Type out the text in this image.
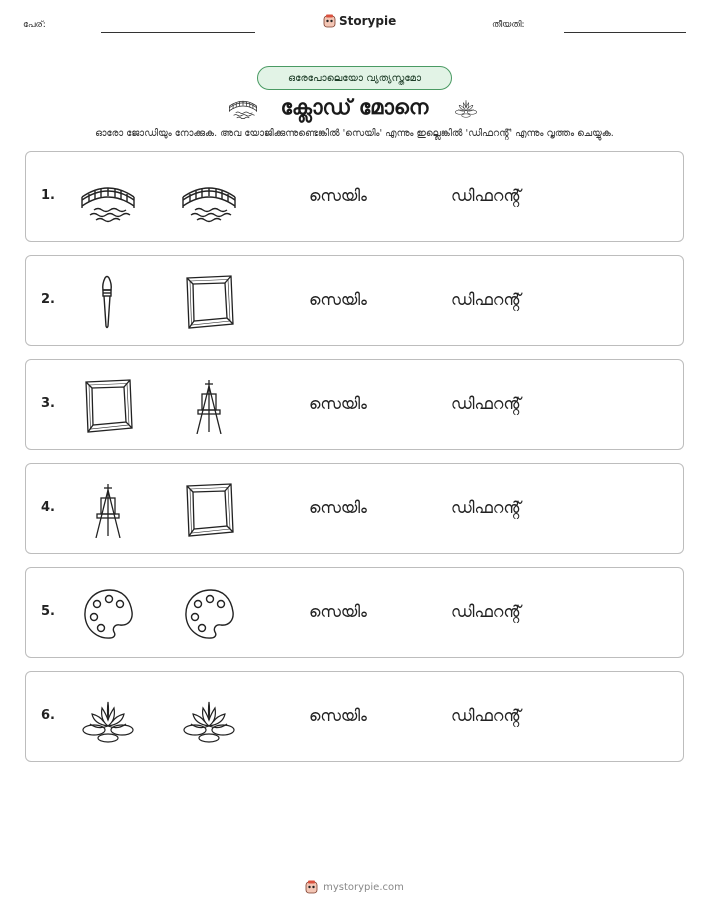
പേര്:	Storypie	തീയതി:
ഒരേപോലെയോ വ്യത്യസ്തമോ
ക്ലോഡ് മോനെ
ഓരോ ജോഡിയും നോക്കുക. അവ യോജിക്കുന്നുണ്ടെങ്കിൽ 'സെയിം' എന്നും ഇല്ലെങ്കിൽ 'ഡിഫറൻ്റ്' എന്നും വൃത്തം ചെയ്യുക.
1.	സെയിം	ഡിഫറൻ്റ്
2.	സെയിം	ഡിഫറൻ്റ്
3.	സെയിം	ഡിഫറൻ്റ്
4.	സെയിം	ഡിഫറൻ്റ്
5.	സെയിം	ഡിഫറൻ്റ്
6.	സെയിം	ഡിഫറൻ്റ്
mystorypie.com
